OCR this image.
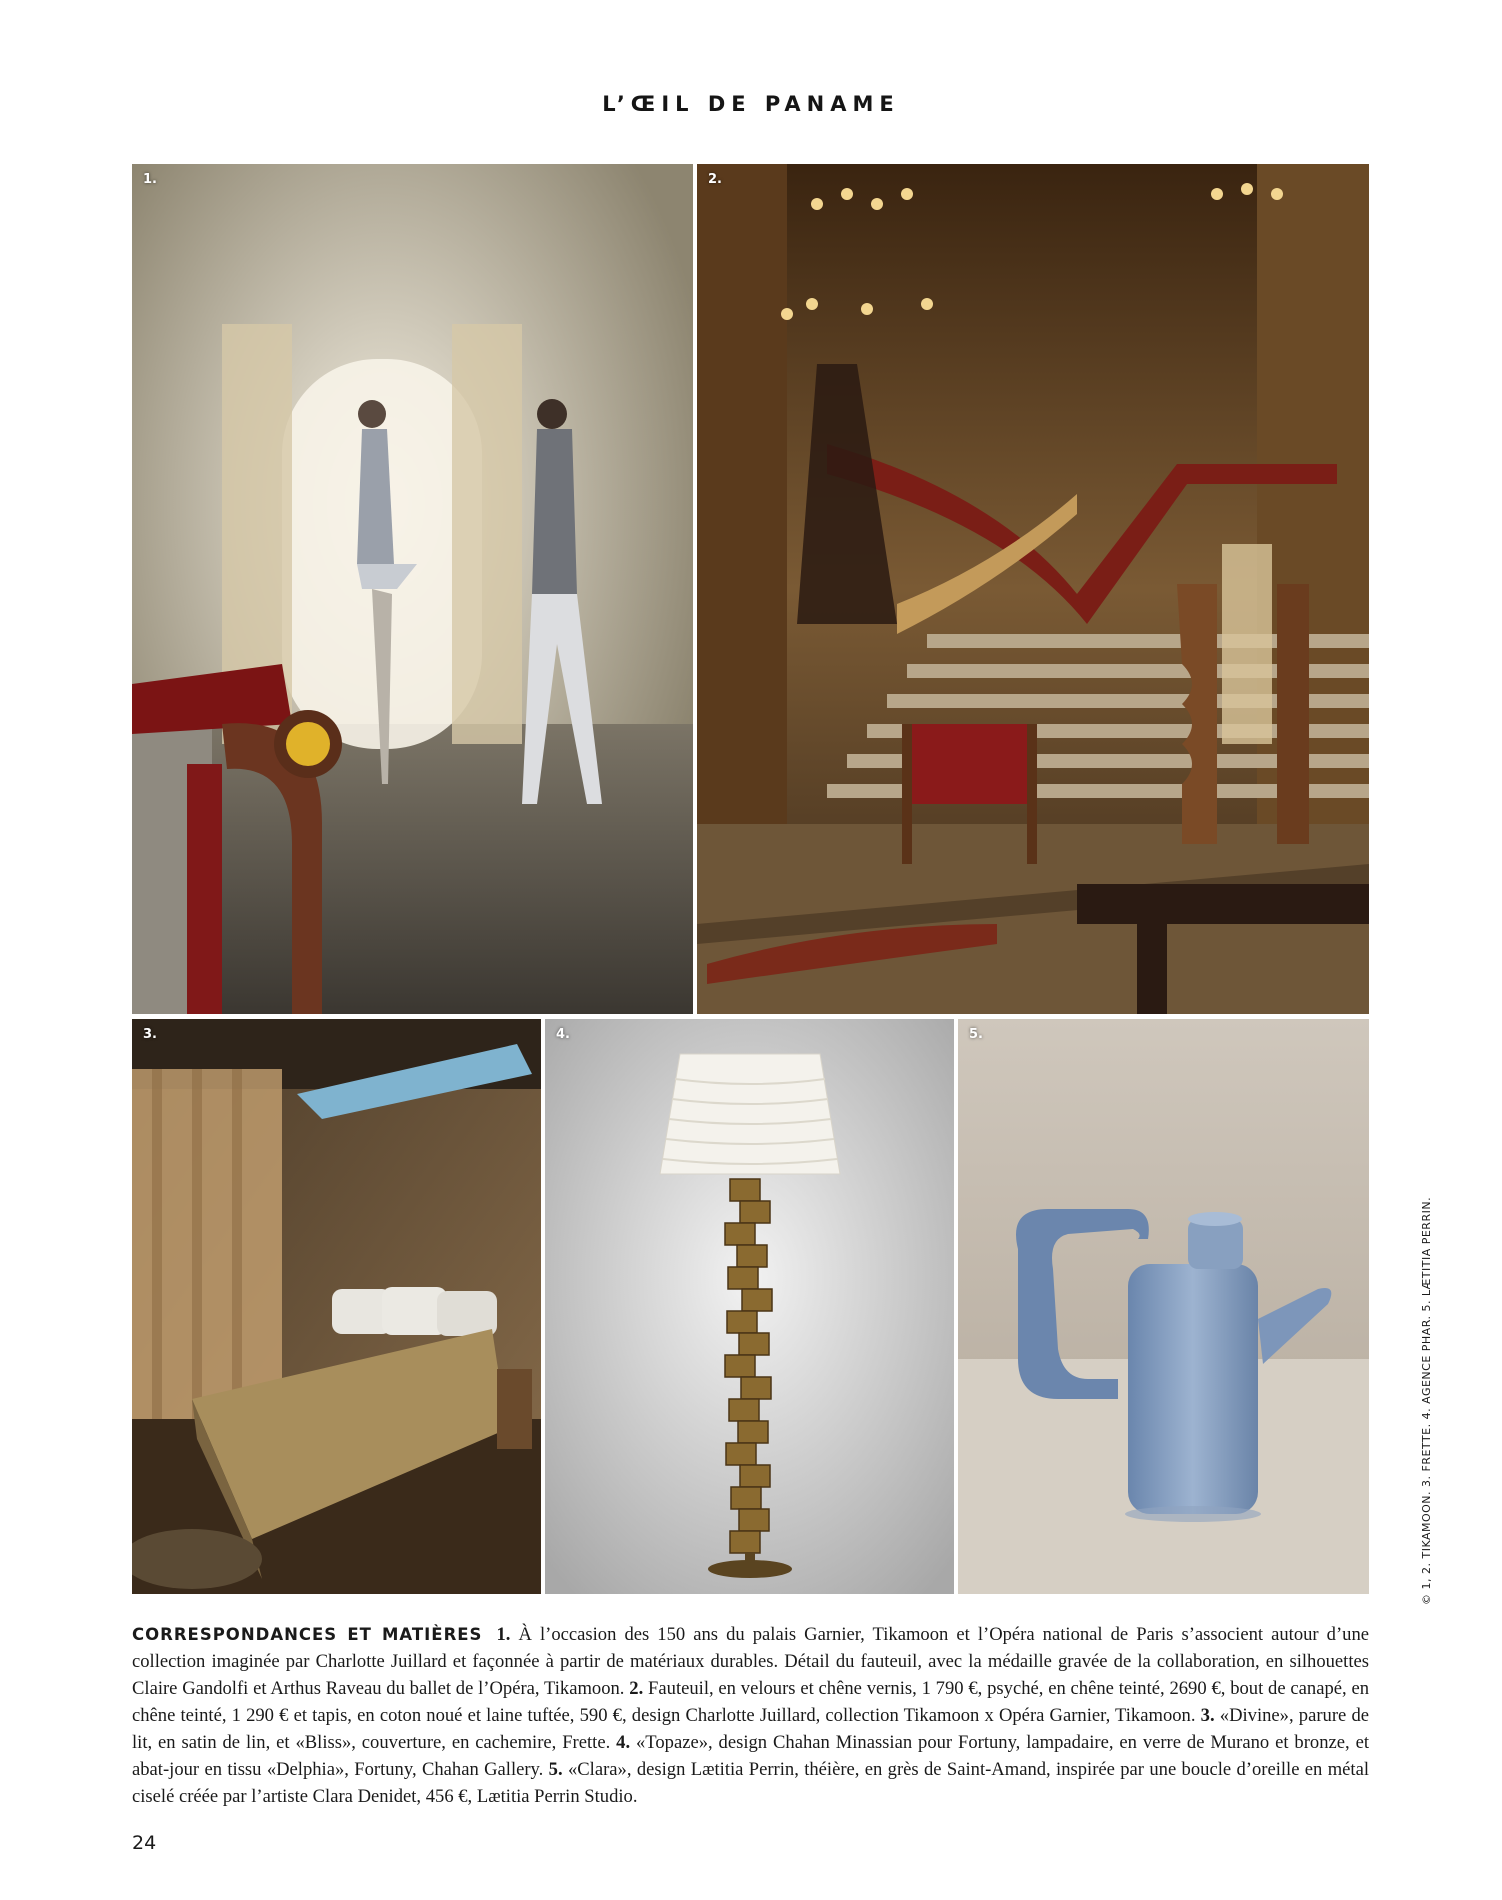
L’ŒIL DE PANAME
1.	2.
3.	4.	5.
CORRESPONDANCES ET MATIÈRES 1. À l’occasion des 150 ans du palais Garnier, Tikamoon et l’Opéra national de Paris s’associent autour d’une collection imaginée par Charlotte Juillard et façonnée à partir de matériaux durables. Détail du fauteuil, avec la médaille gravée de la collaboration, en silhouettes Claire Gandolfi et Arthus Raveau du ballet de l’Opéra, Tikamoon. 2. Fauteuil, en velours et chêne vernis, 1 790 €, psyché, en chêne teinté, 2690 €, bout de canapé, en chêne teinté, 1 290 € et tapis, en coton noué et laine tuftée, 590 €, design Charlotte Juillard, collection Tikamoon x Opéra Garnier, Tikamoon. 3. «Divine», parure de lit, en satin de lin, et «Bliss», couverture, en cachemire, Frette. 4. «Topaze», design Chahan Minassian pour Fortuny, lampadaire, en verre de Murano et bronze, et abat-jour en tissu «Delphia», Fortuny, Chahan Gallery. 5. «Clara», design Lætitia Perrin, théière, en grès de Saint-Amand, inspirée par une boucle d’oreille en métal ciselé créée par l’artiste Clara Denidet, 456 €, Lætitia Perrin Studio.
© 1, 2. TIKAMOON. 3. FRETTE. 4. AGENCE PHAR. 5. LÆTITIA PERRIN.
24
